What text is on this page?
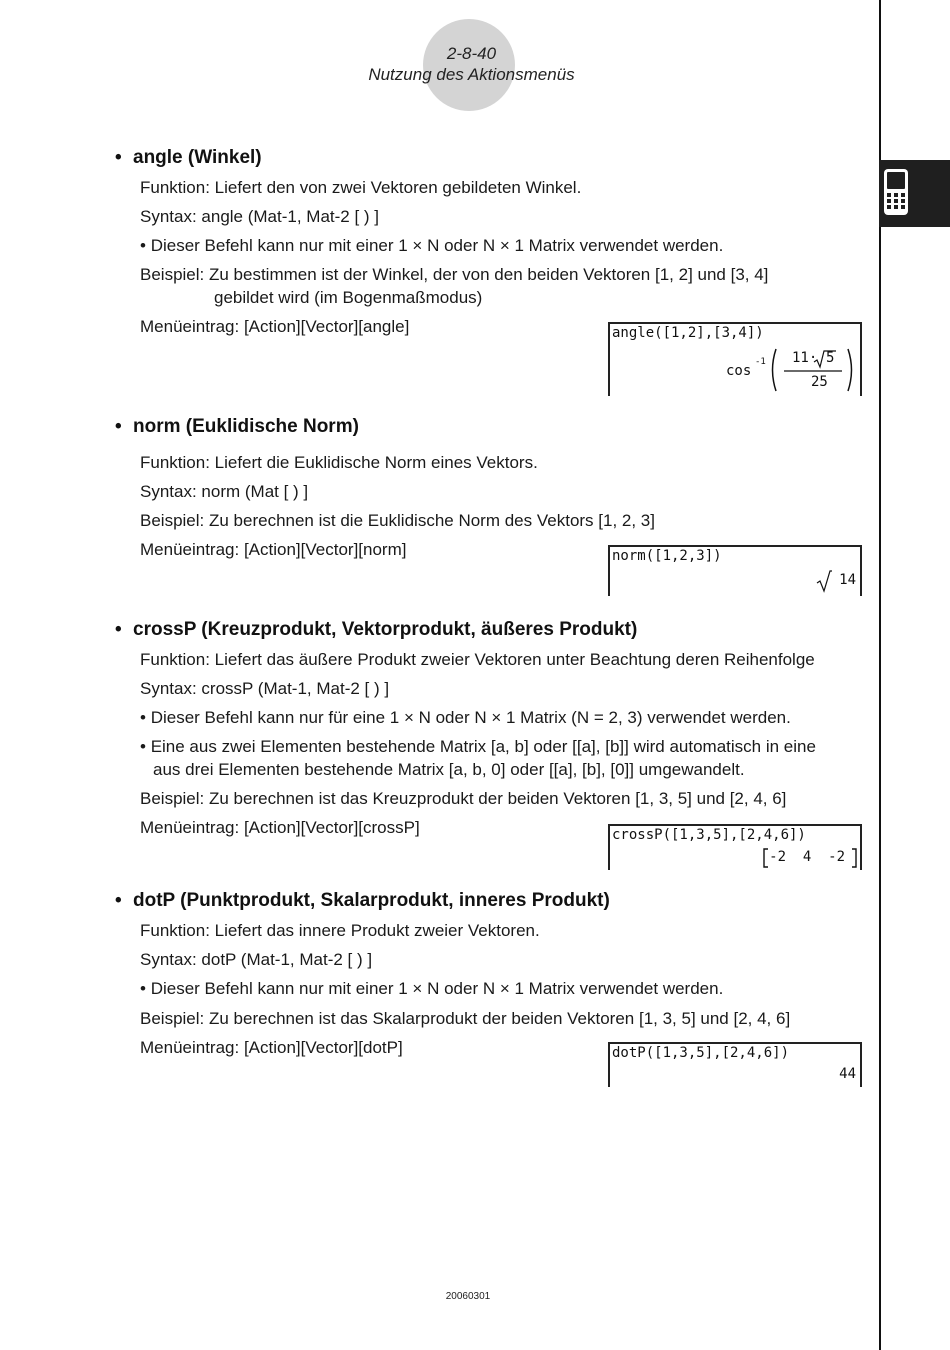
2-8-40
Nutzung des Aktionsmenüs
• angle (Winkel)
Funktion: Liefert den von zwei Vektoren gebildeten Winkel.
Syntax: angle (Mat-1, Mat-2 [ ) ]
• Dieser Befehl kann nur mit einer 1 × N oder N × 1 Matrix verwendet werden.
Beispiel: Zu bestimmen ist der Winkel, der von den beiden Vektoren [1, 2] und [3, 4]
gebildet wird (im Bogenmaßmodus)
Menüeintrag: [Action][Vector][angle]	angle([1,2],[3,4])
cos
-1 11· 5
25
• norm (Euklidische Norm)
Funktion: Liefert die Euklidische Norm eines Vektors.
Syntax: norm (Mat [ ) ]
Beispiel: Zu berechnen ist die Euklidische Norm des Vektors [1, 2, 3]
Menüeintrag: [Action][Vector][norm]	norm([1,2,3])
14
• crossP (Kreuzprodukt, Vektorprodukt, äußeres Produkt)
Funktion: Liefert das äußere Produkt zweier Vektoren unter Beachtung deren Reihenfolge
Syntax: crossP (Mat-1, Mat-2 [ ) ]
• Dieser Befehl kann nur für eine 1 × N oder N × 1 Matrix (N = 2, 3) verwendet werden.
• Eine aus zwei Elementen bestehende Matrix [a, b] oder [[a], [b]] wird automatisch in eine
aus drei Elementen bestehende Matrix [a, b, 0] oder [[a], [b], [0]] umgewandelt.
Beispiel: Zu berechnen ist das Kreuzprodukt der beiden Vektoren [1, 3, 5] und [2, 4, 6]
Menüeintrag: [Action][Vector][crossP]	crossP([1,3,5],[2,4,6])
-2  4  -2
• dotP (Punktprodukt, Skalarprodukt, inneres Produkt)
Funktion: Liefert das innere Produkt zweier Vektoren.
Syntax: dotP (Mat-1, Mat-2 [ ) ]
• Dieser Befehl kann nur mit einer 1 × N oder N × 1 Matrix verwendet werden.
Beispiel: Zu berechnen ist das Skalarprodukt der beiden Vektoren [1, 3, 5] und [2, 4, 6]
Menüeintrag: [Action][Vector][dotP]	dotP([1,3,5],[2,4,6])
44
20060301
